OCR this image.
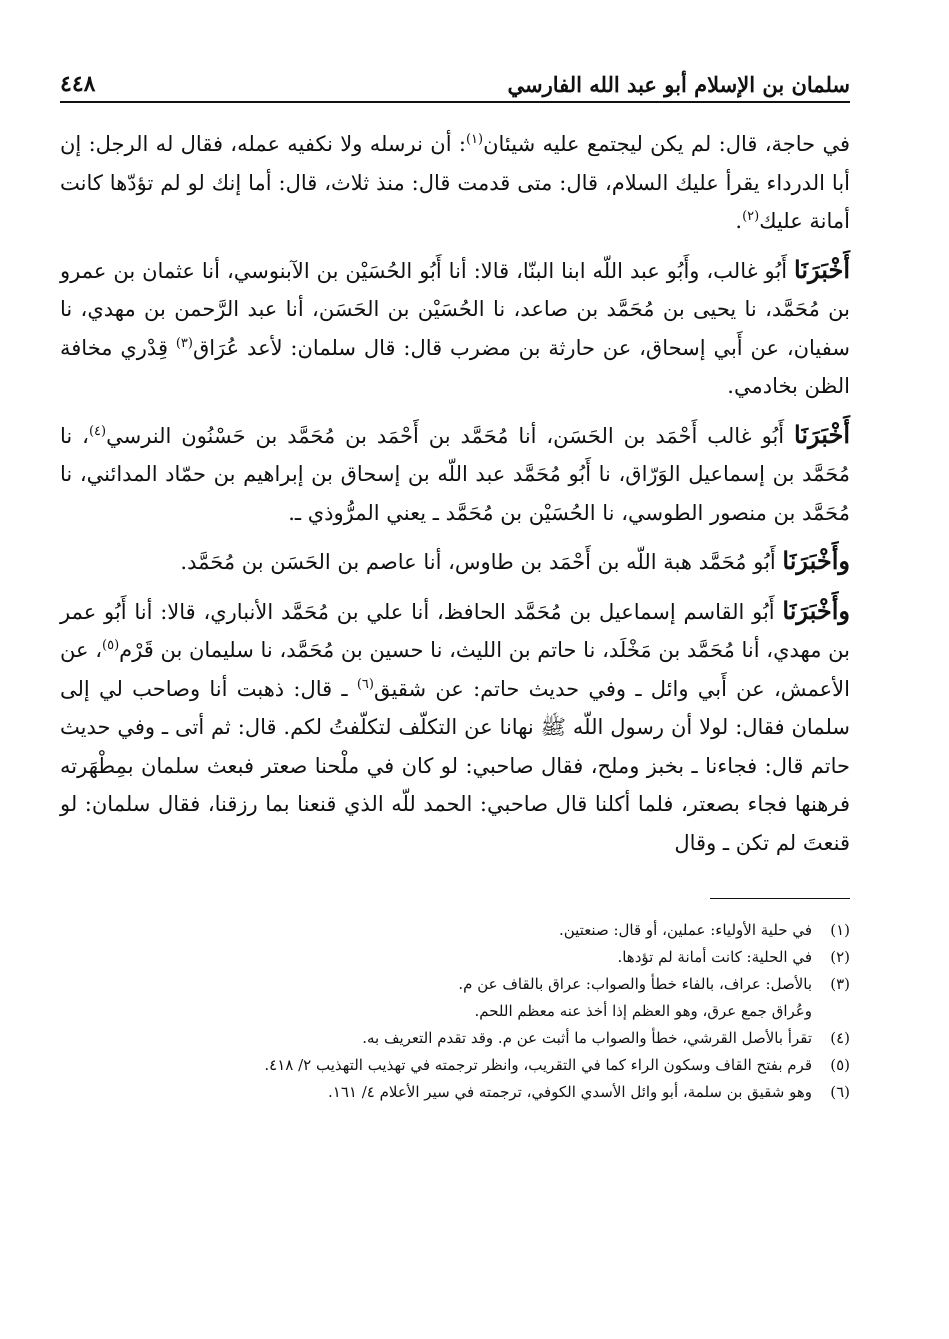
سلمان بن الإسلام أبو عبد الله الفارسي
٤٤٨

في حاجة، قال: لم يكن ليجتمع عليه شيئان$^{(١)}$: أن نرسله ولا نكفيه عمله، فقال له الرجل: إن أبا الدرداء يقرأ عليك السلام، قال: متى قدمت قال: منذ ثلاث، قال: أما إنك لو لم تؤدّها كانت أمانة عليك$^{(٢)}$.

أَخْبَرَنَا أَبُو غالب، وأَبُو عبد اللّه ابنا البنّا، قالا: أنا أَبُو الحُسَيْن بن الآبنوسي، أنا عثمان بن عمرو بن مُحَمَّد، نا يحيى بن مُحَمَّد بن صاعد، نا الحُسَيْن بن الحَسَن، أنا عبد الرَّحمن بن مهدي، نا سفيان، عن أَبي إسحاق، عن حارثة بن مضرب قال: قال سلمان: لأعد عُرَاق$^{(٣)}$ قِدْري مخافة الظن بخادمي.

أَخْبَرَنَا أَبُو غالب أَحْمَد بن الحَسَن، أنا مُحَمَّد بن أَحْمَد بن مُحَمَّد بن حَسْنُون النرسي$^{(٤)}$، نا مُحَمَّد بن إسماعيل الوَرّاق، نا أَبُو مُحَمَّد عبد اللّه بن إسحاق بن إبراهيم بن حمّاد المدائني، نا مُحَمَّد بن منصور الطوسي، نا الحُسَيْن بن مُحَمَّد ـ يعني المرُّوذي ـ.

وأَخْبَرَنَا أَبُو مُحَمَّد هبة اللّه بن أَحْمَد بن طاوس، أنا عاصم بن الحَسَن بن مُحَمَّد.

وأَخْبَرَنَا أَبُو القاسم إسماعيل بن مُحَمَّد الحافظ، أنا علي بن مُحَمَّد الأنباري، قالا: أنا أَبُو عمر بن مهدي، أنا مُحَمَّد بن مَخْلَد، نا حاتم بن الليث، نا حسين بن مُحَمَّد، نا سليمان بن قَرْم$^{(٥)}$، عن الأعمش، عن أَبي وائل ـ وفي حديث حاتم: عن شقيق$^{(٦)}$ ـ قال: ذهبت أنا وصاحب لي إلى سلمان فقال: لولا أن رسول اللّه ﷺ نهانا عن التكلّف لتكلّفتُ لكم. قال: ثم أتى ـ وفي حديث حاتم قال: فجاءنا ـ بخبز وملح، فقال صاحبي: لو كان في ملْحنا صعتر فبعث سلمان بمِطْهَرته فرهنها فجاء بصعتر، فلما أكلنا قال صاحبي: الحمد للّه الذي قنعنا بما رزقنا، فقال سلمان: لو قنعتَ لم تكن ـ وقال

(١)
في حلية الأولياء: عملين، أو قال: صنعتين.
(٢)
في الحلية: كانت أمانة لم تؤدها.
(٣)
بالأصل: عراف، بالفاء خطأ والصواب: عراق بالقاف عن م.
وعُراق جمع عرق، وهو العظم إذا أخذ عنه معظم اللحم.
(٤)
تقرأ بالأصل القرشي، خطأ والصواب ما أثبت عن م. وقد تقدم التعريف به.
(٥)
قرم بفتح القاف وسكون الراء كما في التقريب، وانظر ترجمته في تهذيب التهذيب ٢/ ٤١٨.
(٦)
وهو شقيق بن سلمة، أبو وائل الأسدي الكوفي، ترجمته في سير الأعلام ٤/ ١٦١.
